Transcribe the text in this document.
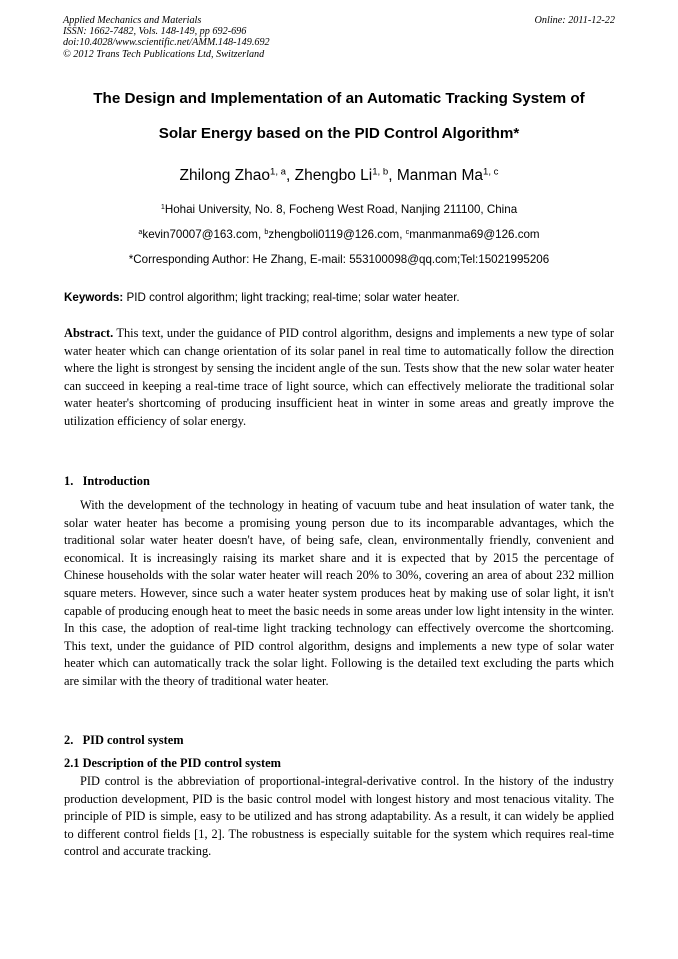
Applied Mechanics and Materials
ISSN: 1662-7482, Vols. 148-149, pp 692-696
doi:10.4028/www.scientific.net/AMM.148-149.692
© 2012 Trans Tech Publications Ltd, Switzerland
Online: 2011-12-22
The Design and Implementation of an Automatic Tracking System of
Solar Energy based on the PID Control Algorithm*
Zhilong Zhao$^{1, a}$, Zhengbo Li$^{1, b}$, Manman Ma$^{1, c}$
$^1$Hohai University, No. 8, Focheng West Road, Nanjing 211100, China
$^a$kevin70007@163.com, $^b$zhengboli0119@126.com, $^c$manmanma69@126.com
*Corresponding Author: He Zhang, E-mail: 553100098@qq.com;Tel:15021995206
Keywords: PID control algorithm; light tracking; real-time; solar water heater.
Abstract. This text, under the guidance of PID control algorithm, designs and implements a new type of solar water heater which can change orientation of its solar panel in real time to automatically follow the direction where the light is strongest by sensing the incident angle of the sun. Tests show that the new solar water heater can succeed in keeping a real-time trace of light source, which can effectively meliorate the traditional solar water heater's shortcoming of producing insufficient heat in winter in some areas and greatly improve the utilization efficiency of solar energy.
1.   Introduction
With the development of the technology in heating of vacuum tube and heat insulation of water tank, the solar water heater has become a promising young person due to its incomparable advantages, which the traditional solar water heater doesn't have, of being safe, clean, environmentally friendly, convenient and economical. It is increasingly raising its market share and it is expected that by 2015 the percentage of Chinese households with the solar water heater will reach 20% to 30%, covering an area of about 232 million square meters. However, since such a water heater system produces heat by making use of solar light, it isn't capable of producing enough heat to meet the basic needs in some areas under low light intensity in the winter. In this case, the adoption of real-time light tracking technology can effectively overcome the shortcoming. This text, under the guidance of PID control algorithm, designs and implements a new type of solar water heater which can automatically track the solar light. Following is the detailed text excluding the parts which are similar with the theory of traditional water heater.
2.   PID control system
2.1 Description of the PID control system
PID control is the abbreviation of proportional-integral-derivative control. In the history of the industry production development, PID is the basic control model with longest history and most tenacious vitality. The principle of PID is simple, easy to be utilized and has strong adaptability. As a result, it can widely be applied to different control fields [1, 2]. The robustness is especially suitable for the system which requires real-time control and accurate tracking.
